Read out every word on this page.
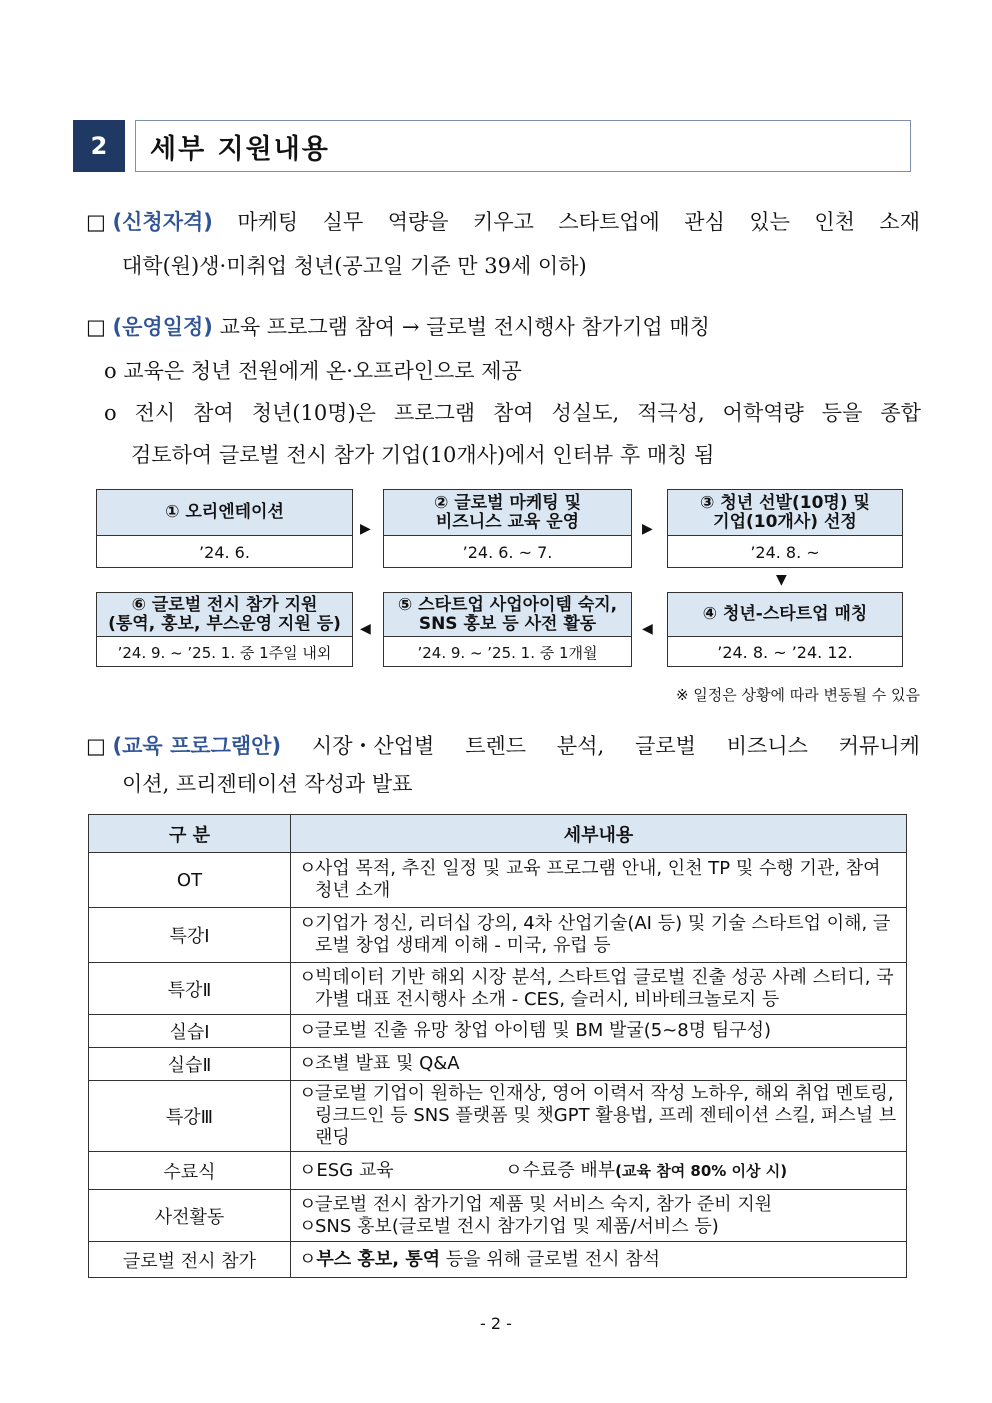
2	세부 지원내용
□ (신청자격) 마케팅 실무 역량을 키우고 스타트업에 관심 있는 인천 소재
대학(원)생·미취업 청년(공고일 기준 만 39세 이하)
□ (운영일정) 교육 프로그램 참여 → 글로벌 전시행사 참가기업 매칭
o 교육은 청년 전원에게 온·오프라인으로 제공
o 전시 참여 청년(10명)은 프로그램 참여 성실도, 적극성, 어학역량 등을 종합
검토하여 글로벌 전시 참가 기업(10개사)에서 인터뷰 후 매칭 됨
① 오리엔테이션
’24. 6.
▶
② 글로벌 마케팅 및
비즈니스 교육 운영
’24. 6. ~ 7.
▶
③ 청년 선발(10명) 및
기업(10개사) 선정
’24. 8. ~
▼
⑥ 글로벌 전시 참가 지원
(통역, 홍보, 부스운영 지원 등)
’24. 9. ~ ’25. 1. 중 1주일 내외
◀
⑤ 스타트업 사업아이템 숙지,
SNS 홍보 등 사전 활동
’24. 9. ~ ’25. 1. 중 1개월
◀
④ 청년-스타트업 매칭
’24. 8. ~ ’24. 12.
※ 일정은 상황에 따라 변동될 수 있음
□ (교육 프로그램안) 시장・산업별 트렌드 분석, 글로벌 비즈니스 커뮤니케
이션, 프리젠테이션 작성과 발표
구 분	세부내용
OT	ㅇ
사업 목적, 추진 일정 및 교육 프로그램 안내, 인천 TP 및 수행 기관, 참여 청년 소개

특강Ⅰ	ㅇ
기업가 정신, 리더십 강의, 4차 산업기술(AI 등) 및 기술 스타트업 이해, 글로벌 창업 생태계 이해 - 미국, 유럽 등

특강Ⅱ	ㅇ
빅데이터 기반 해외 시장 분석, 스타트업 글로벌 진출 성공 사례 스터디, 국가별 대표 전시행사 소개 - CES, 슬러시, 비바테크놀로지 등

실습Ⅰ	ㅇ
글로벌 진출 유망 창업 아이템 및 BM 발굴(5~8명 팀구성)

실습Ⅱ	ㅇ
조별 발표 및 Q&A

특강Ⅲ	ㅇ
글로벌 기업이 원하는 인재상, 영어 이력서 작성 노하우, 해외 취업 멘토링, 링크드인 등 SNS 플랫폼 및 챗GPT 활용법, 프레 젠테이션 스킬, 퍼스널 브랜딩

수료식	ㅇESG 교육 ㅇ수료증 배부(교육 참여 80% 이상 시)
사전활동	ㅇ
글로벌 전시 참가기업 제품 및 서비스 숙지, 참가 준비 지원
ㅇ
SNS 홍보(글로벌 전시 참가기업 및 제품/서비스 등)

글로벌 전시 참가	ㅇ부스 홍보, 통역 등을 위해 글로벌 전시 참석
- 2 -
